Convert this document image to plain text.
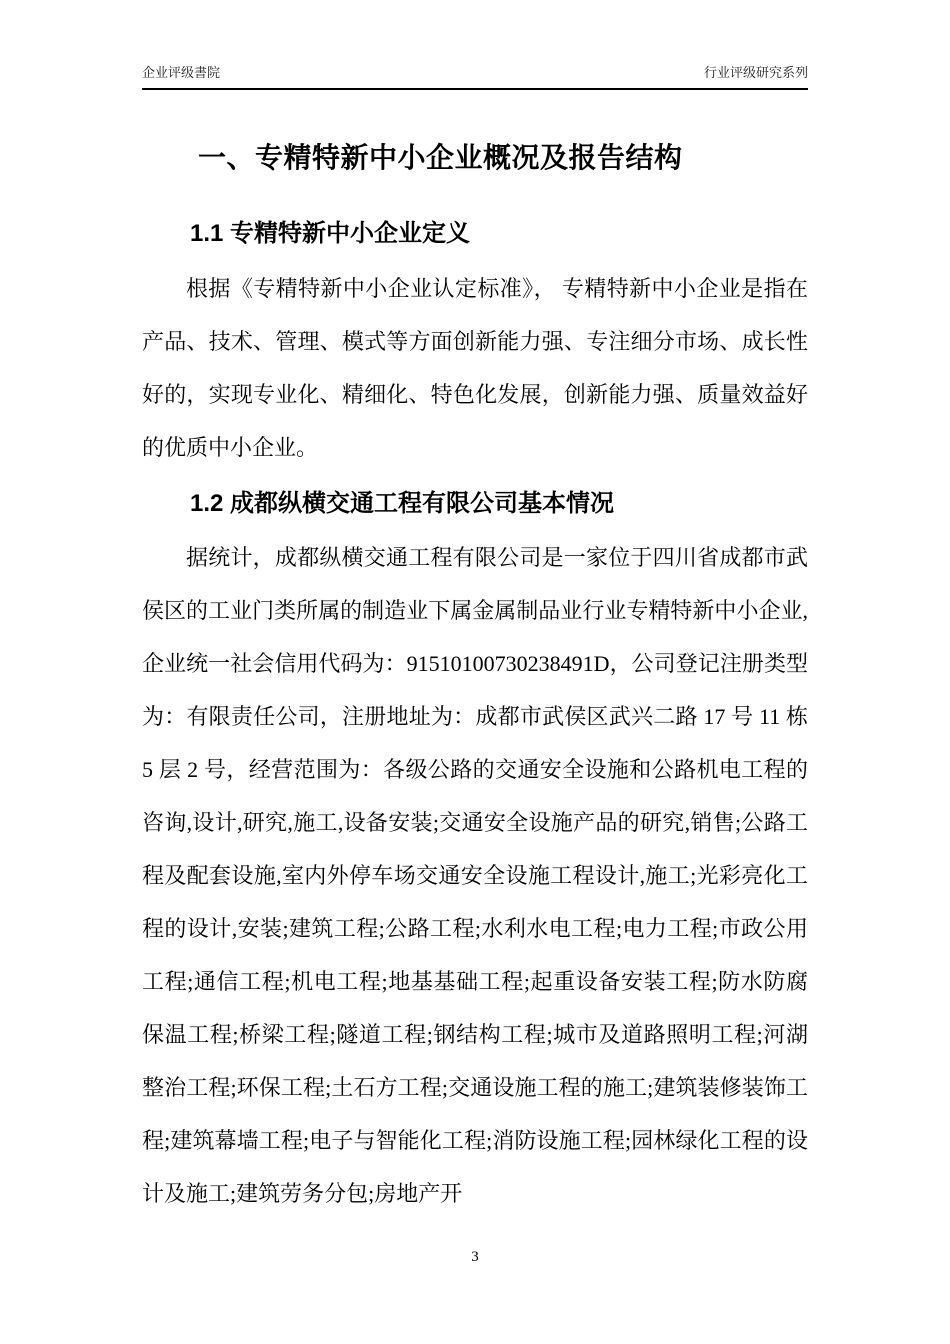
企业评级書院	行业评级研究系列
一、专精特新中小企业概况及报告结构
1.1 专精特新中小企业定义

根据《专精特新中小企业认定标准》， 专精特新中小企业是指在产品、技术、管理、模式等方面创新能力强、专注细分市场、成长性好的，实现专业化、精细化、特色化发展，创新能力强、质量效益好的优质中小企业。

1.2 成都纵横交通工程有限公司基本情况

据统计，成都纵横交通工程有限公司是一家位于四川省成都市武侯区的工业门类所属的制造业下属金属制品业行业专精特新中小企业,企业统一社会信用代码为：91510100730238491D，公司登记注册类型为：有限责任公司，注册地址为：成都市武侯区武兴二路 17 号 11 栋 5 层 2 号，经营范围为：各级公路的交通安全设施和公路机电工程的咨询,设计,研究,施工,设备安装;交通安全设施产品的研究,销售;公路工程及配套设施,室内外停车场交通安全设施工程设计,施工;光彩亮化工程的设计,安装;建筑工程;公路工程;水利水电工程;电力工程;市政公用工程;通信工程;机电工程;地基基础工程;起重设备安装工程;防水防腐保温工程;桥梁工程;隧道工程;钢结构工程;城市及道路照明工程;河湖整治工程;环保工程;土石方工程;交通设施工程的施工;建筑装修装饰工程;建筑幕墙工程;电子与智能化工程;消防设施工程;园林绿化工程的设计及施工;建筑劳务分包;房地产开

3
